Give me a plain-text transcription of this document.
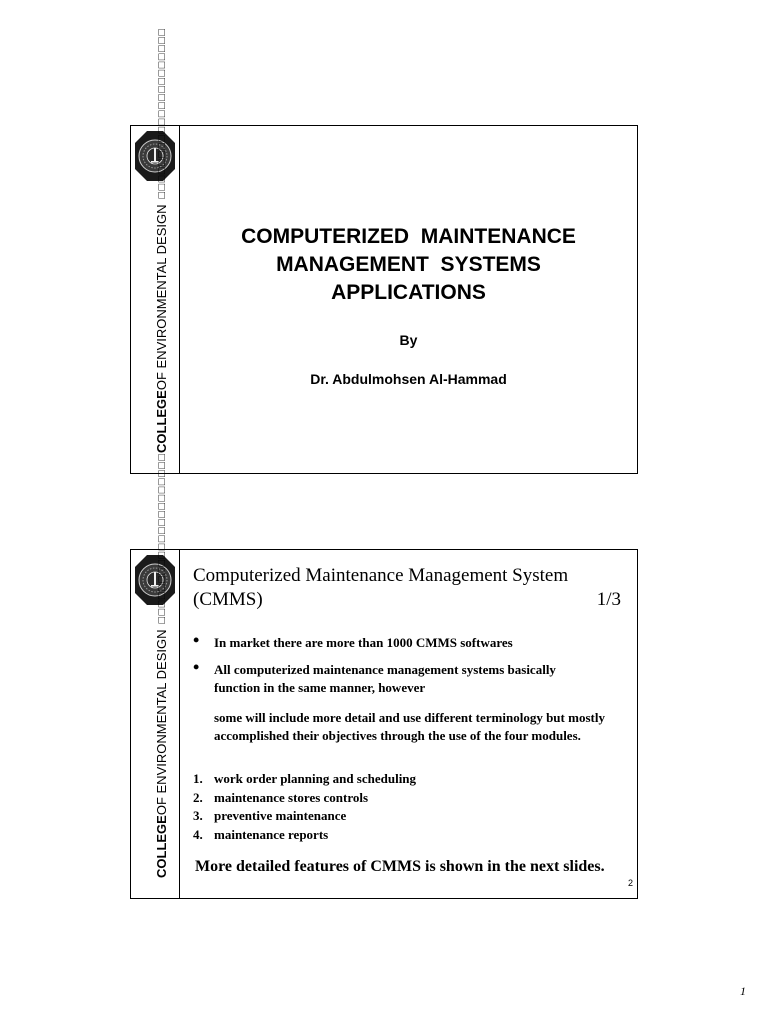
COLLEGE
OF ENVIRONMENTAL DESIGN
□□□□□□□□□□□□□□□□□□□□□
COMPUTERIZED  MAINTENANCE
MANAGEMENT  SYSTEMS
APPLICATIONS
By
Dr. Abdulmohsen Al-Hammad
COLLEGE
OF ENVIRONMENTAL DESIGN
□□□□□□□□□□□□□□□□□□□□□ Computerized Maintenance Management System
(CMMS)	1/3
• In market there are more than 1000 CMMS softwares
• All computerized maintenance management systems basically function in the same manner, however
some will include more detail and use different terminology but mostly accomplished their objectives through the use of the four modules.
1. work order planning and scheduling
2. maintenance stores controls
3. preventive maintenance
4. maintenance reports
More detailed features of CMMS is shown in the next slides.
2
1
